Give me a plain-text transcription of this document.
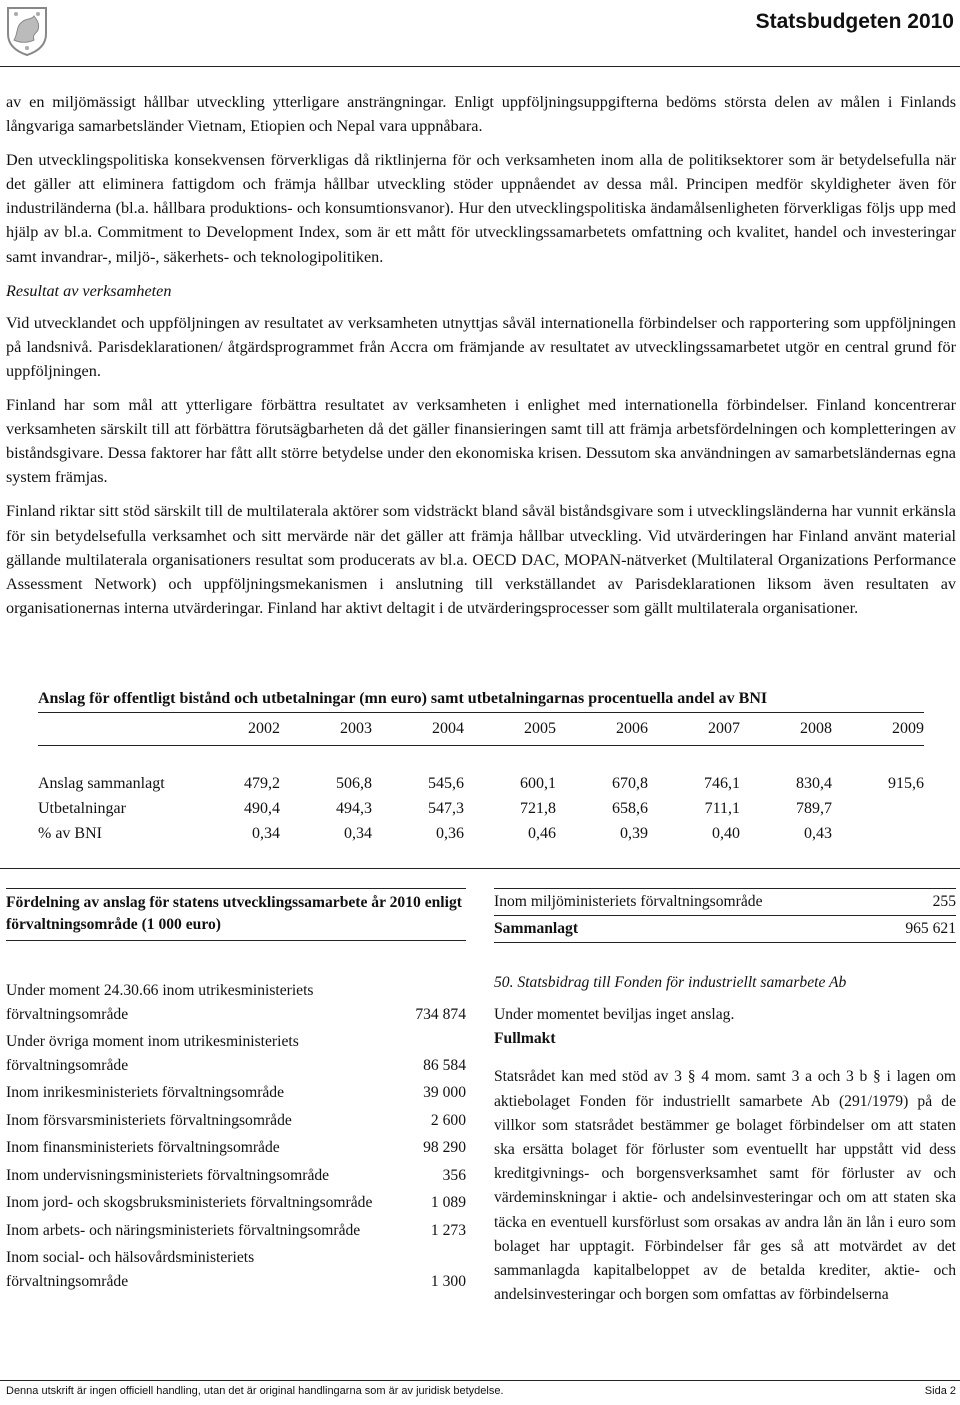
Statsbudgeten 2010

av en miljömässigt hållbar utveckling ytterligare ansträngningar. Enligt uppföljningsuppgifterna bedöms största delen av målen i Finlands långvariga samarbetsländer Vietnam, Etiopien och Nepal vara uppnåbara.

Den utvecklingspolitiska konsekvensen förverkligas då riktlinjerna för och verksamheten inom alla de politiksektorer som är betydelsefulla när det gäller att eliminera fattigdom och främja hållbar utveckling stöder uppnåendet av dessa mål. Principen medför skyldigheter även för industriländerna (bl.a. hållbara produktions- och konsumtionsvanor). Hur den utvecklingspolitiska ändamålsenligheten förverkligas följs upp med hjälp av bl.a. Commitment to Development Index, som är ett mått för utvecklingssamarbetets omfattning och kvalitet, handel och investeringar samt invandrar-, miljö-, säkerhets- och teknologipolitiken.

Resultat av verksamheten

Vid utvecklandet och uppföljningen av resultatet av verksamheten utnyttjas såväl internationella förbindelser och rapportering som uppföljningen på landsnivå. Parisdeklarationen/ åtgärdsprogrammet från Accra om främjande av resultatet av utvecklingssamarbetet utgör en central grund för uppföljningen.

Finland har som mål att ytterligare förbättra resultatet av verksamheten i enlighet med internationella förbindelser. Finland koncentrerar verksamheten särskilt till att förbättra förutsägbarheten då det gäller finansieringen samt till att främja arbetsfördelningen och kompletteringen av biståndsgivare. Dessa faktorer har fått allt större betydelse under den ekonomiska krisen. Dessutom ska användningen av samarbetsländernas egna system främjas.

Finland riktar sitt stöd särskilt till de multilaterala aktörer som vidsträckt bland såväl biståndsgivare som i utvecklingsländerna har vunnit erkänsla för sin betydelsefulla verksamhet och sitt mervärde när det gäller att främja hållbar utveckling. Vid utvärderingen har Finland använt material gällande multilaterala organisationers resultat som producerats av bl.a. OECD DAC, MOPAN-nätverket (Multilateral Organizations Performance Assessment Network) och uppföljningsmekanismen i anslutning till verkställandet av Parisdeklarationen liksom även resultaten av organisationernas interna utvärderingar. Finland har aktivt deltagit i de utvärderingsprocesser som gällt multilaterala organisationer.

Anslag för offentligt bistånd och utbetalningar (mn euro) samt utbetalningarnas procentuella andel av BNI
	2002	2003	2004	2005	2006	2007	2008	2009

Anslag sammanlagt	479,2	506,8	545,6	600,1	670,8	746,1	830,4	915,6
Utbetalningar	490,4	494,3	547,3	721,8	658,6	711,1	789,7	
% av BNI	0,34	0,34	0,36	0,46	0,39	0,40	0,43	
Fördelning av anslag för statens utvecklingssamarbete år 2010 enligt förvaltningsområde (1 000 euro)
Under moment 24.30.66 inom utrikesministeriets förvaltningsområde	734 874
Under övriga moment inom utrikesministeriets förvaltningsområde	86 584
Inom inrikesministeriets förvaltningsområde	39 000
Inom försvarsministeriets förvaltningsområde	2 600
Inom finansministeriets förvaltningsområde	98 290
Inom undervisningsministeriets förvaltningsområde	356
Inom jord- och skogsbruksministeriets förvaltningsområde	1 089
Inom arbets- och näringsministeriets förvaltningsområde	1 273
Inom social- och hälsovårdsministeriets förvaltningsområde	1 300
Inom miljöministeriets förvaltningsområde	255
Sammanlagt	965 621
50. Statsbidrag till Fonden för industriellt samarbete Ab

Under momentet beviljas inget anslag.

Fullmakt

Statsrådet kan med stöd av 3 § 4 mom. samt 3 a och 3 b § i lagen om aktiebolaget Fonden för industriellt samarbete Ab (291/1979) på de villkor som statsrådet bestämmer ge bolaget förbindelser om att staten ska ersätta bolaget för förluster som eventuellt har uppstått vid dess kreditgivnings- och borgensverksamhet samt för förluster av och värdeminskningar i aktie- och andelsinvesteringar och om att staten ska täcka en eventuell kursförlust som orsakas av andra lån än lån i euro som bolaget har upptagit. Förbindelser får ges så att motvärdet av det sammanlagda kapitalbeloppet av de betalda krediter, aktie- och andelsinvesteringar och borgen som omfattas av förbindelserna

Denna utskrift är ingen officiell handling, utan det är original handlingarna som är av juridisk betydelse.	Sida 2
